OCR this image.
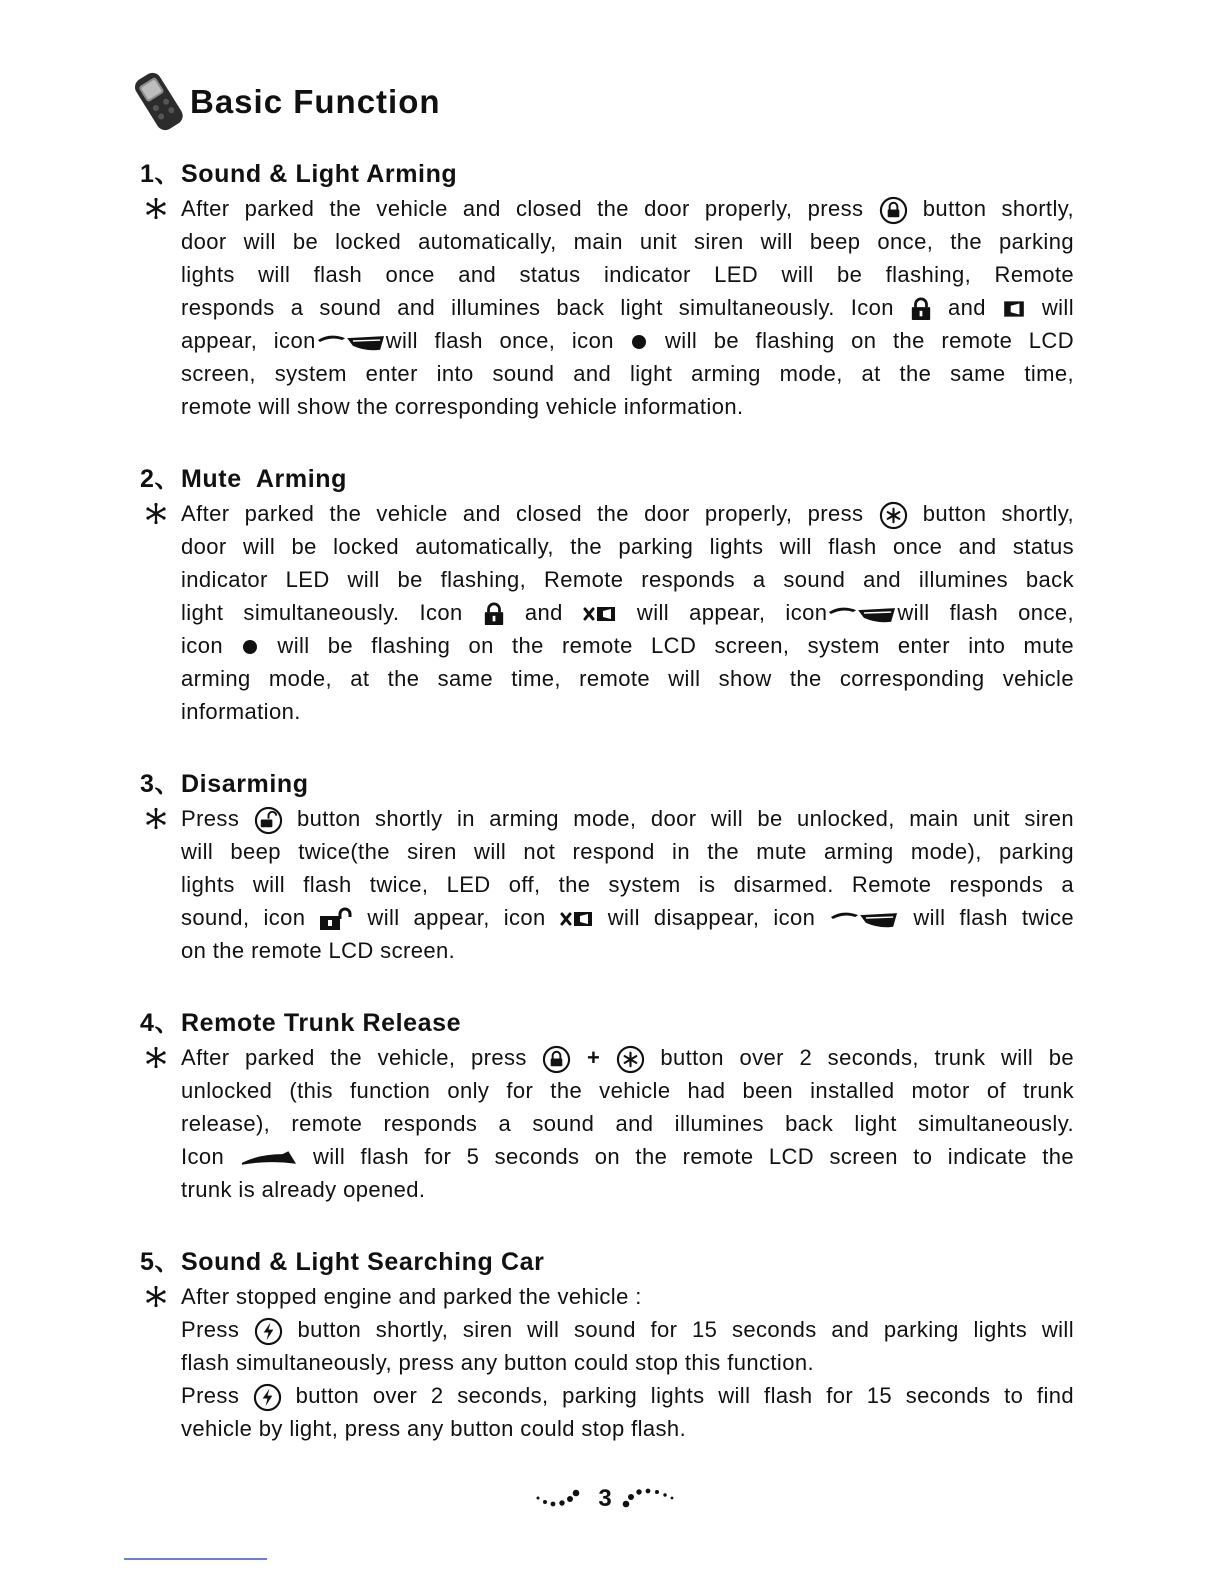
Basic Function
1、Sound & Light Arming
After parked the vehicle and closed the door properly, press	button shortly,
door will be locked automatically, main unit siren will beep once, the parking
lights will flash once and status indicator LED will be flashing, Remote
responds a sound and illumines back light simultaneously. Icon and	will
appear, icon	will flash once, icon will be flashing on the remote LCD
screen, system enter into sound and light arming mode, at the same time,
remote will show the corresponding vehicle information.
2、Mute  Arming
After parked the vehicle and closed the door properly, press	button shortly,
door will be locked automatically, the parking lights will flash once and status
indicator LED will be flashing, Remote responds a sound and illumines back
light simultaneously. Icon	and	will appear, icon	will flash once,
icon will be flashing on the remote LCD screen, system enter into mute
arming mode, at the same time, remote will show the corresponding vehicle
information.
3、Disarming
Press	button shortly in arming mode, door will be unlocked, main unit siren
will beep twice(the siren will not respond in the mute arming mode), parking
lights will flash twice, LED off, the system is disarmed. Remote responds a
sound, icon	will appear, icon	will disappear, icon	will flash twice
on the remote LCD screen.
4、Remote Trunk Release
After parked the vehicle, press	+	button over 2 seconds, trunk will be
unlocked (this function only for the vehicle had been installed motor of trunk
release), remote responds a sound and illumines back light simultaneously.
Icon	will flash for 5 seconds on the remote LCD screen to indicate the
trunk is already opened.
5、Sound & Light Searching Car
After stopped engine and parked the vehicle :
Press	button shortly, siren will sound for 15 seconds and parking lights will
flash simultaneously, press any button could stop this function.
Press	button over 2 seconds, parking lights will flash for 15 seconds to find
vehicle by light, press any button could stop flash.
3
